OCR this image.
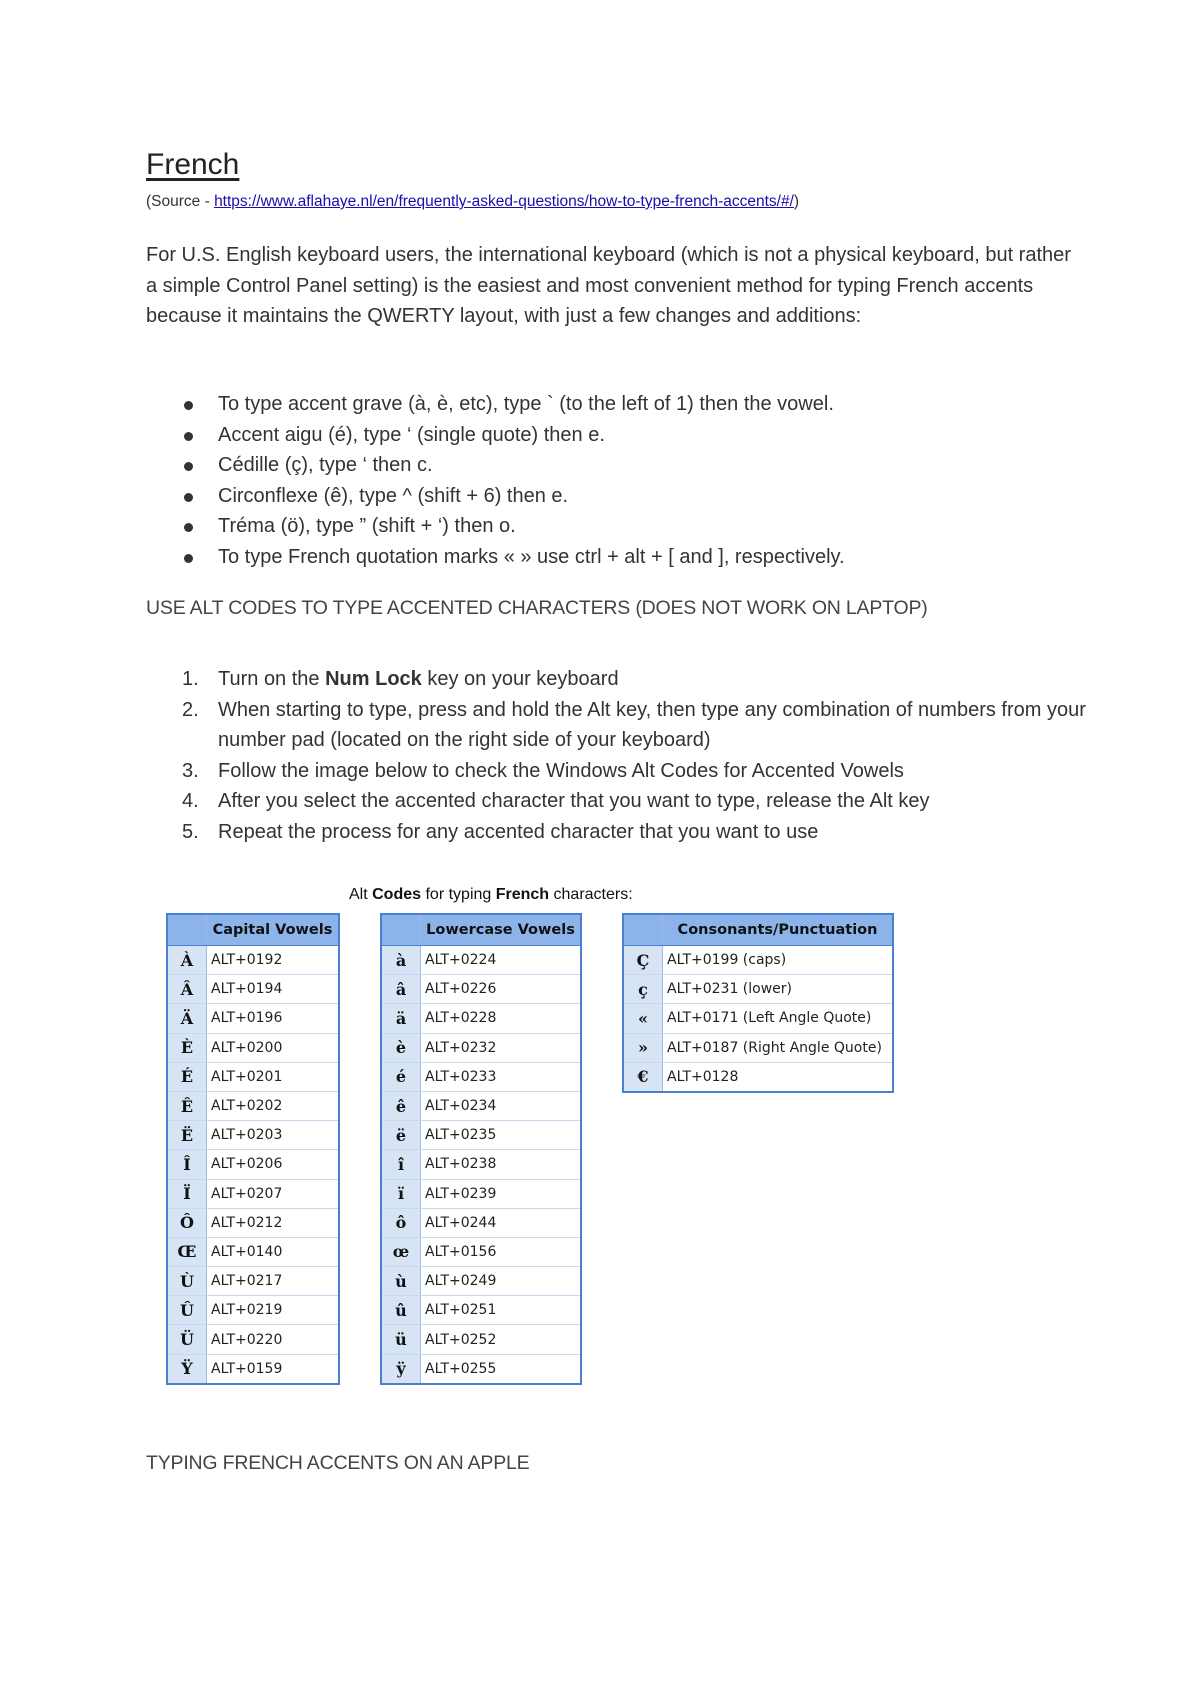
French
(Source - https://www.aflahaye.nl/en/frequently-asked-questions/how-to-type-french-accents/#/)

For U.S. English keyboard users, the international keyboard (which is not a physical keyboard, but rather a simple Control Panel setting) is the easiest and most convenient method for typing French accents because it maintains the QWERTY layout, with just a few changes and additions:

To type accent grave (à, è, etc), type ` (to the left of 1) then the vowel.
Accent aigu (é), type ‘ (single quote) then e.
Cédille (ç), type ‘ then c.
Circonflexe (ê), type ^ (shift + 6) then e.
Tréma (ö), type ” (shift + ‘) then o.
To type French quotation marks « » use ctrl + alt + [ and ], respectively.
USE ALT CODES TO TYPE ACCENTED CHARACTERS (DOES NOT WORK ON LAPTOP)
1. Turn on the Num Lock key on your keyboard
2. When starting to type, press and hold the Alt key, then type any combination of numbers from your number pad (located on the right side of your keyboard)
3. Follow the image below to check the Windows Alt Codes for Accented Vowels
4. After you select the accented character that you want to type, release the Alt key
5. Repeat the process for any accented character that you want to use
Alt Codes for typing French characters:
Capital Vowels
À	ALT+0192
Â	ALT+0194
Ä	ALT+0196
È	ALT+0200
É	ALT+0201
Ê	ALT+0202
Ë	ALT+0203
Î	ALT+0206
Ï	ALT+0207
Ô	ALT+0212
Œ	ALT+0140
Ù	ALT+0217
Û	ALT+0219
Ü	ALT+0220
Ÿ	ALT+0159
Lowercase Vowels
à	ALT+0224
â	ALT+0226
ä	ALT+0228
è	ALT+0232
é	ALT+0233
ê	ALT+0234
ë	ALT+0235
î	ALT+0238
ï	ALT+0239
ô	ALT+0244
œ	ALT+0156
ù	ALT+0249
û	ALT+0251
ü	ALT+0252
ÿ	ALT+0255
Consonants/Punctuation
Ç	ALT+0199 (caps)
ç	ALT+0231 (lower)
«	ALT+0171 (Left Angle Quote)
»	ALT+0187 (Right Angle Quote)
€	ALT+0128
TYPING FRENCH ACCENTS ON AN APPLE
